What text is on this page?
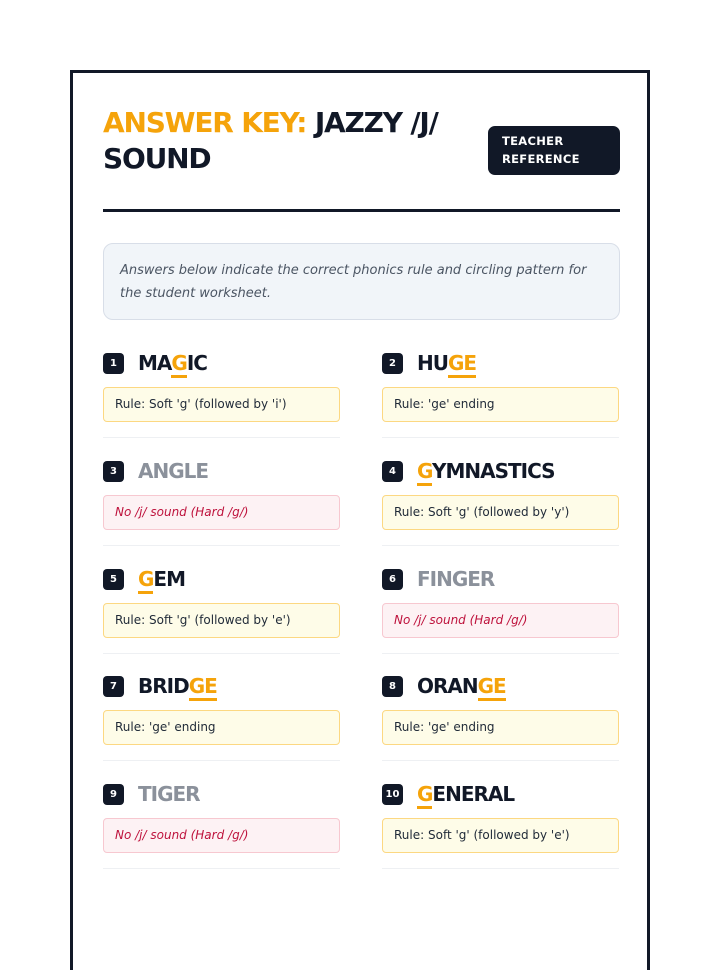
ANSWER KEY: JAZZY /J/ SOUND
TEACHER REFERENCE
Answers below indicate the correct phonics rule and circling pattern for the student worksheet.
1	MAGIC
Rule: Soft 'g' (followed by 'i')
2	HUGE
Rule: 'ge' ending
3	ANGLE
No /j/ sound (Hard /g/)
4	GYMNASTICS
Rule: Soft 'g' (followed by 'y')
5	GEM
Rule: Soft 'g' (followed by 'e')
6	FINGER
No /j/ sound (Hard /g/)
7	BRIDGE
Rule: 'ge' ending
8	ORANGE
Rule: 'ge' ending
9	TIGER
No /j/ sound (Hard /g/)
10 GENERAL
Rule: Soft 'g' (followed by 'e')
